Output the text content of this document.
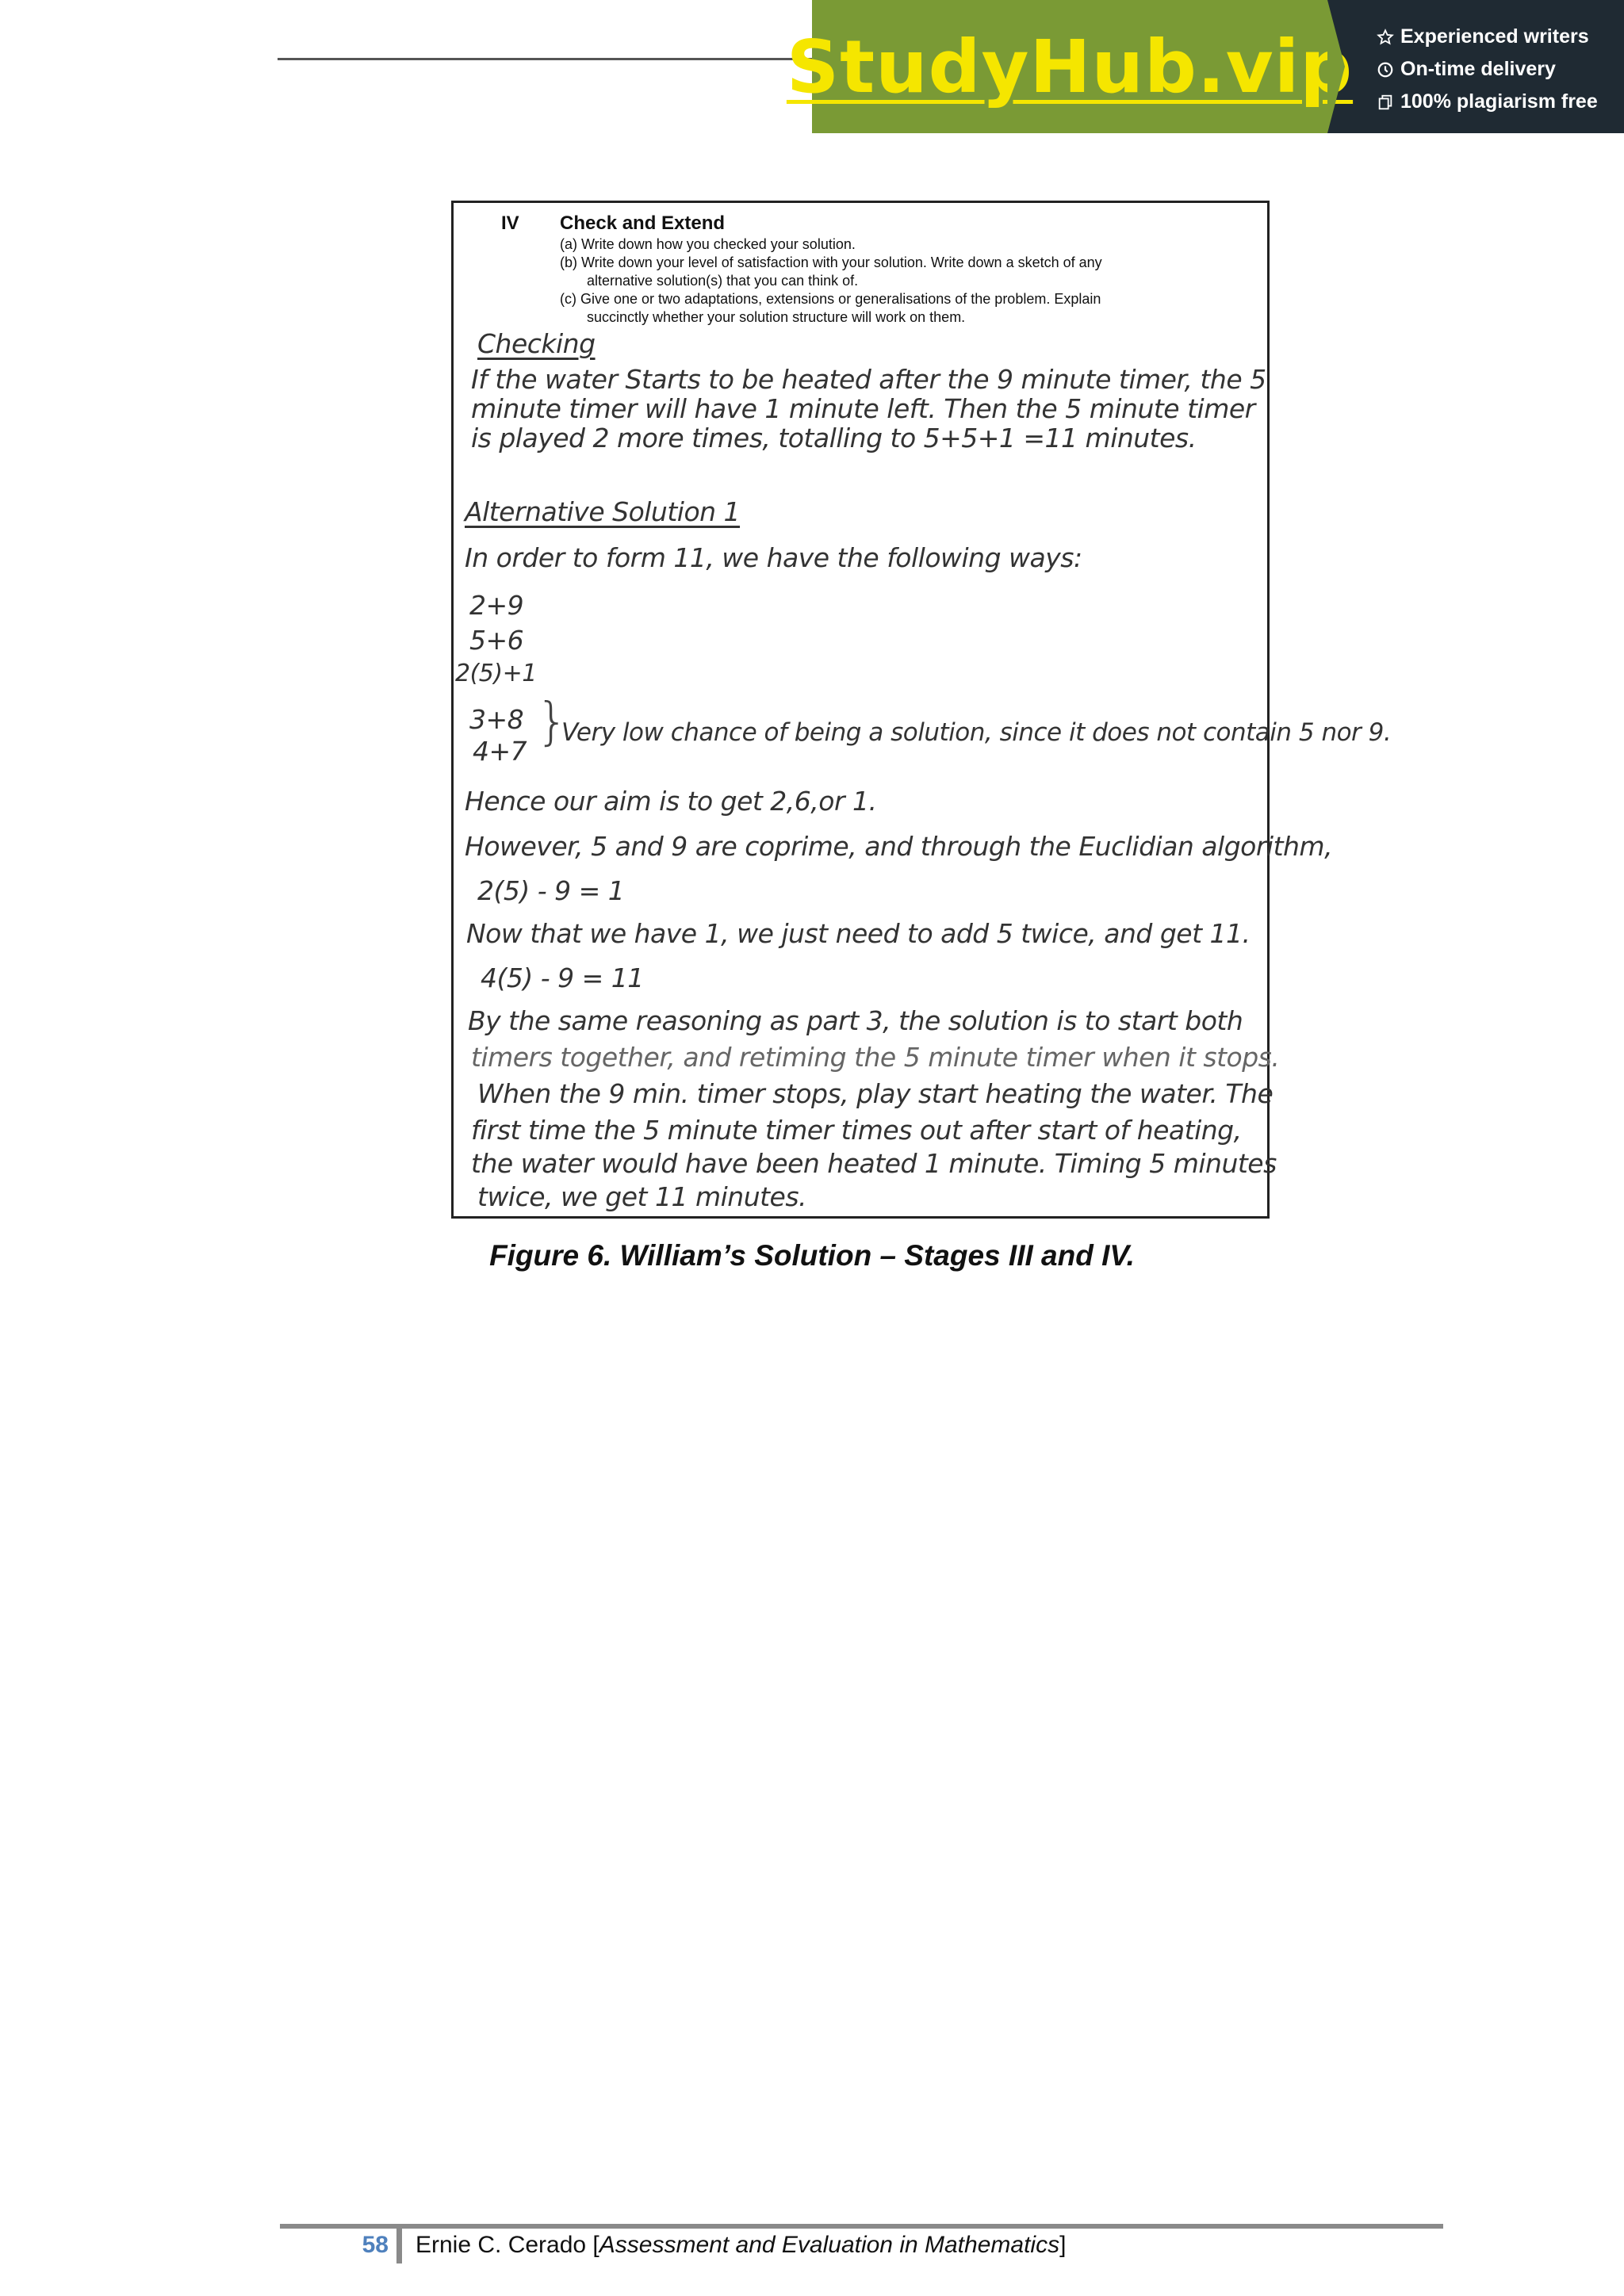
StudyHub.vip Experienced writers
On-time delivery
100% plagiarism free
IV Check and Extend
(a) Write down how you checked your solution.
(b) Write down your level of satisfaction with your solution. Write down a sketch of any
alternative solution(s) that you can think of.
(c) Give one or two adaptations, extensions or generalisations of the problem. Explain
succinctly whether your solution structure will work on them.
Checking
If the water Starts to be heated after the 9 minute timer, the 5
minute timer will have 1 minute left. Then the 5 minute timer
is played 2 more times, totalling to 5+5+1 =11 minutes.
Alternative Solution 1
In order to form 11, we have the following ways:
2+9
5+6
2(5)+1
3+8
4+7 }
Very low chance of being a solution, since it does not contain 5 nor 9.
Hence our aim is to get 2,6,or 1.
However, 5 and 9 are coprime, and through the Euclidian algorithm,
2(5) - 9 = 1
Now that we have 1, we just need to add 5 twice, and get 11.
4(5) - 9 = 11
By the same reasoning as part 3, the solution is to start both
timers together, and retiming the 5 minute timer when it stops.
When the 9 min. timer stops, play start heating the water. The
first time the 5 minute timer times out after start of heating,
the water would have been heated 1 minute. Timing 5 minutes
twice, we get 11 minutes.
Figure 6. William’s Solution – Stages III and IV.
58 Ernie C. Cerado [Assessment and Evaluation in Mathematics]
